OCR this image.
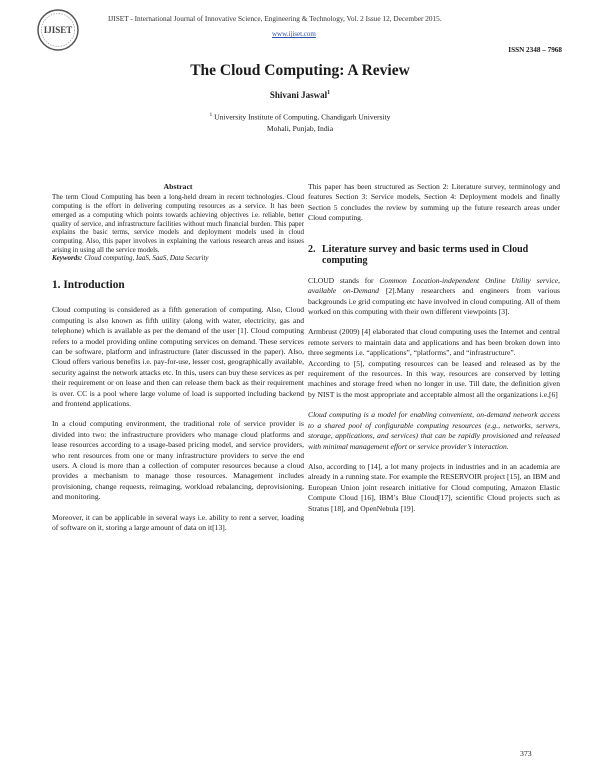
IJISET
IJISET - International Journal of Innovative Science, Engineering & Technology, Vol. 2 Issue 12, December 2015.
www.ijiset.com
ISSN 2348 – 7968
The Cloud Computing: A Review
Shivani Jaswal$^1$
$^1$ University Institute of Computing, Chandigarh University
Mohali, Punjab, India
Abstract

The term Cloud Computing has been a long-held dream in recent technologies. Cloud computing is the effort in delivering computing resources as a service. It has been emerged as a computing which points towards achieving objectives i.e. reliable, better quality of service, and infrastructure facilities without much financial burden. This paper explains the basic terms, service models and deployment models used in cloud computing. Also, this paper involves in explaining the various research areas and issues arising in using all the service models.

Keywords: Cloud computing, IaaS, SaaS, Data Security

1. Introduction

Cloud computing is considered as a fifth generation of computing. Also, Cloud computing is also known as fifth utility (along with water, electricity, gas and telephone) which is available as per the demand of the user [1]. Cloud computing refers to a model providing online computing services on demand. These services can be software, platform and infrastructure (later discussed in the paper). Also, Cloud offers various benefits i.e. pay-for-use, lesser cost, geographically available, security against the network attacks etc. In this, users can buy these services as per their requirement or on lease and then can release them back as their requirement is over. CC is a pool where large volume of load is supported including backend and frontend applications.

In a cloud computing environment, the traditional role of service provider is divided into two: the infrastructure providers who manage cloud platforms and lease resources according to a usage-based pricing model, and service providers, who rent resources from one or many infrastructure providers to serve the end users. A cloud is more than a collection of computer resources because a cloud provides a mechanism to manage those resources. Management includes provisioning, change requests, reimaging, workload rebalancing, deprovisioning, and monitoring.

Moreover, it can be applicable in several ways i.e. ability to rent a server, loading of software on it, storing a large amount of data on it[13].

This paper has been structured as Section 2: Literature survey, terminology and features Section 3: Service models, Section 4: Deployment models and finally Section 5 concludes the review by summing up the future research areas under Cloud computing.

2. Literature survey and basic terms used in Cloud computing

CLOUD stands for Common Location-independent Online Utility service, available on-Demand [2].Many researchers and engineers from various backgrounds i.e grid computing etc have involved in cloud computing. All of them worked on this computing with their own different viewpoints [3].

Armbrust (2009) [4] elaborated that cloud computing uses the Internet and central remote servers to maintain data and applications and has been broken down into three segments i.e. “applications”, “platforms”, and “infrastructure”.

According to [5], computing resources can be leased and released as by the requirement of the resources. In this way, resources are conserved by letting machines and storage freed when no longer in use. Till date, the definition given by NIST is the most appropriate and acceptable almost all the organizations i.e.[6]

Cloud computing is a model for enabling convenient, on-demand network access to a shared pool of configurable computing resources (e.g., networks, servers, storage, applications, and services) that can be rapidly provisioned and released with minimal management effort or service provider’s interaction.

Also, according to [14], a lot many projects in industries and in an academia are already in a running state. For example the RESERVOIR project [15], an IBM and European Union joint research initiative for Cloud computing, Amazon Elastic Compute Cloud [16], IBM’s Blue Cloud[17], scientific Cloud projects such as Stratus [18], and OpenNebula [19].

373
